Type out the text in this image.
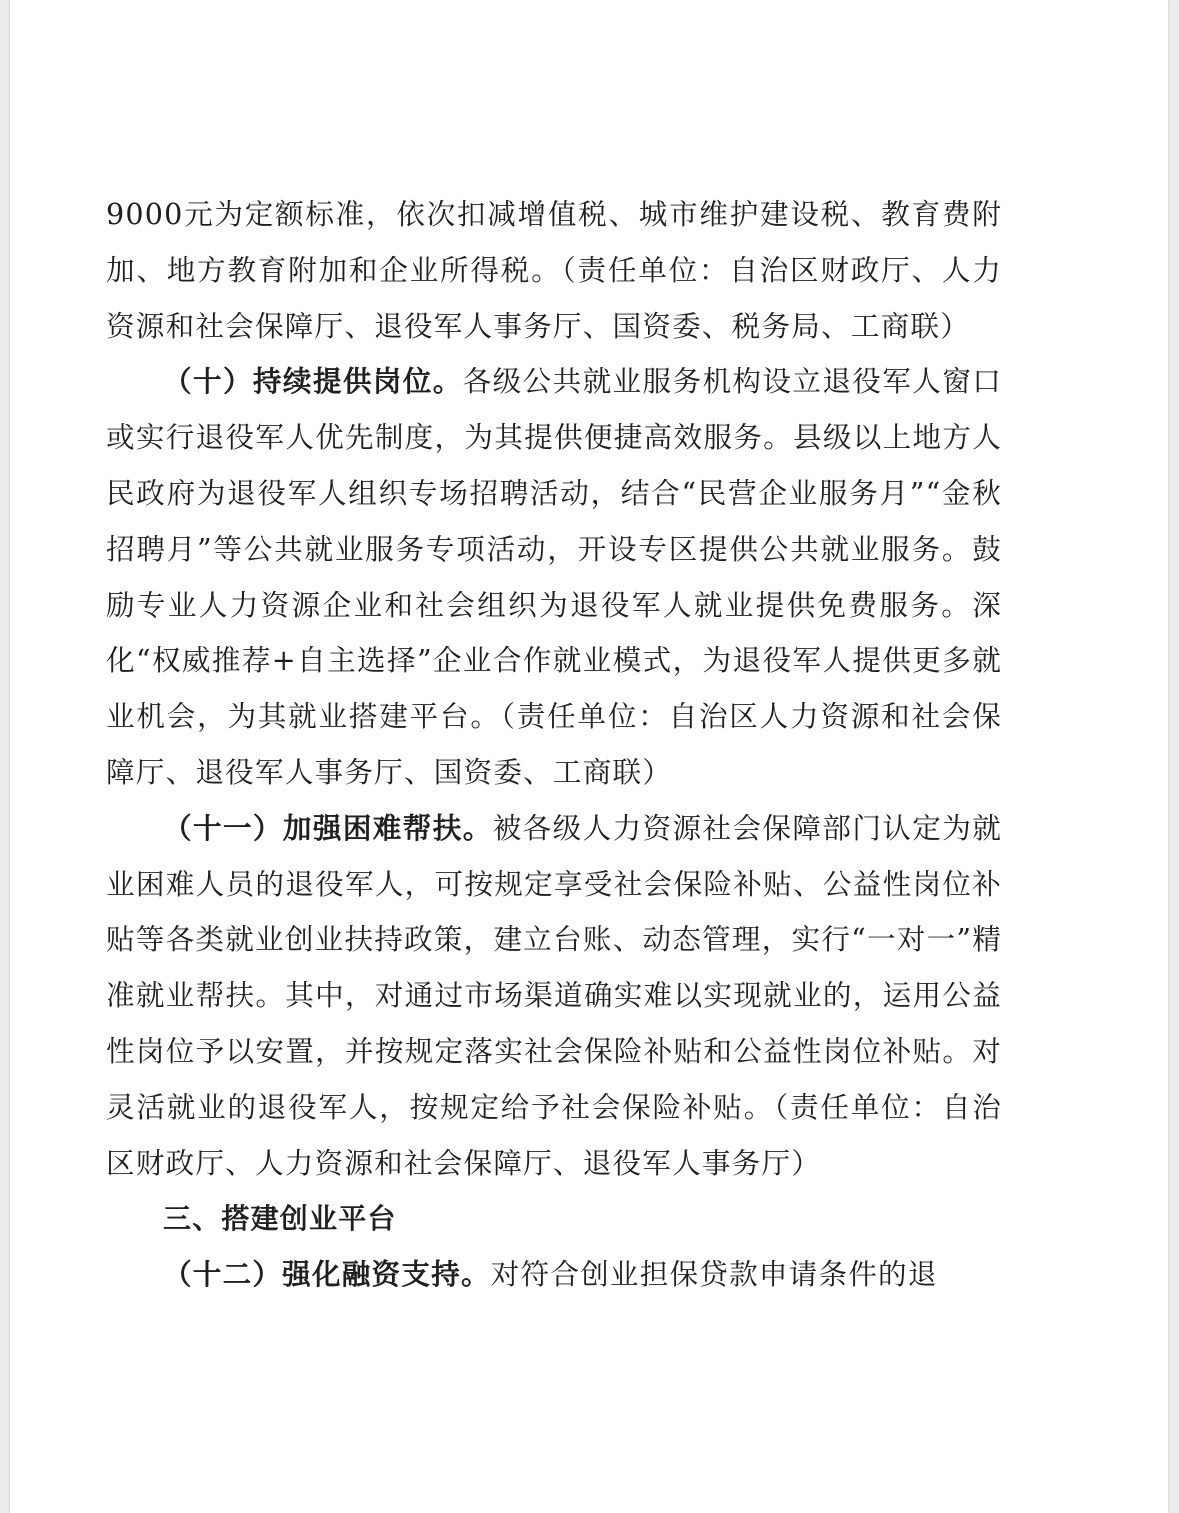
9000元为定额标准，依次扣减增值税、城市维护建设税、教育费附加、地方教育附加和企业所得税。（责任单位：自治区财政厅、人力资源和社会保障厅、退役军人事务厅、国资委、税务局、工商联）

（十）持续提供岗位。各级公共就业服务机构设立退役军人窗口或实行退役军人优先制度，为其提供便捷高效服务。县级以上地方人民政府为退役军人组织专场招聘活动，结合“民营企业服务月”“金秋招聘月”等公共就业服务专项活动，开设专区提供公共就业服务。鼓励专业人力资源企业和社会组织为退役军人就业提供免费服务。深化“权威推荐+自主选择”企业合作就业模式，为退役军人提供更多就业机会，为其就业搭建平台。（责任单位：自治区人力资源和社会保障厅、退役军人事务厅、国资委、工商联）

（十一）加强困难帮扶。被各级人力资源社会保障部门认定为就业困难人员的退役军人，可按规定享受社会保险补贴、公益性岗位补贴等各类就业创业扶持政策，建立台账、动态管理，实行“一对一”精准就业帮扶。其中，对通过市场渠道确实难以实现就业的，运用公益性岗位予以安置，并按规定落实社会保险补贴和公益性岗位补贴。对灵活就业的退役军人，按规定给予社会保险补贴。（责任单位：自治区财政厅、人力资源和社会保障厅、退役军人事务厅）

三、搭建创业平台

（十二）强化融资支持。对符合创业担保贷款申请条件的退
